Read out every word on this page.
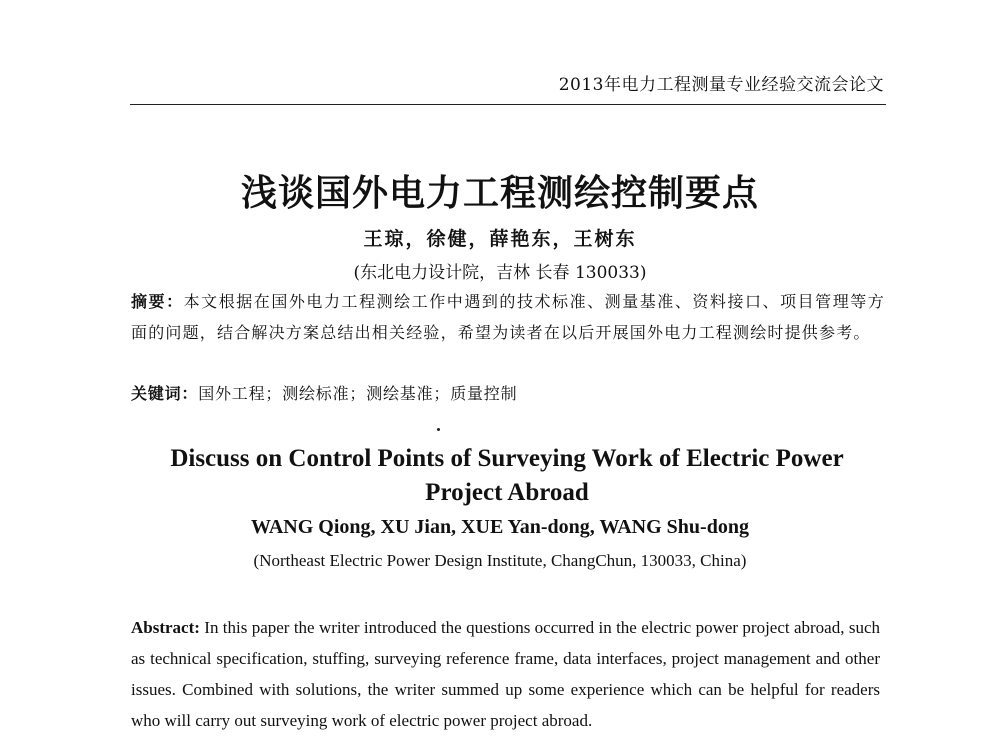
2013年电力工程测量专业经验交流会论文
浅谈国外电力工程测绘控制要点
王琼，徐健，薛艳东，王树东
(东北电力设计院，吉林 长春 130033)
摘要：本文根据在国外电力工程测绘工作中遇到的技术标准、测量基准、资料接口、项目管理等方面的问题，结合解决方案总结出相关经验，希望为读者在以后开展国外电力工程测绘时提供参考。
关键词：国外工程；测绘标准；测绘基准；质量控制
Discuss on Control Points of Surveying Work of Electric Power Project Abroad
WANG Qiong, XU Jian, XUE Yan-dong, WANG Shu-dong
(Northeast Electric Power Design Institute, ChangChun, 130033, China)
Abstract: In this paper the writer introduced the questions occurred in the electric power project abroad, such as technical specification, stuffing, surveying reference frame, data interfaces, project management and other issues. Combined with solutions, the writer summed up some experience which can be helpful for readers who will carry out surveying work of electric power project abroad.
